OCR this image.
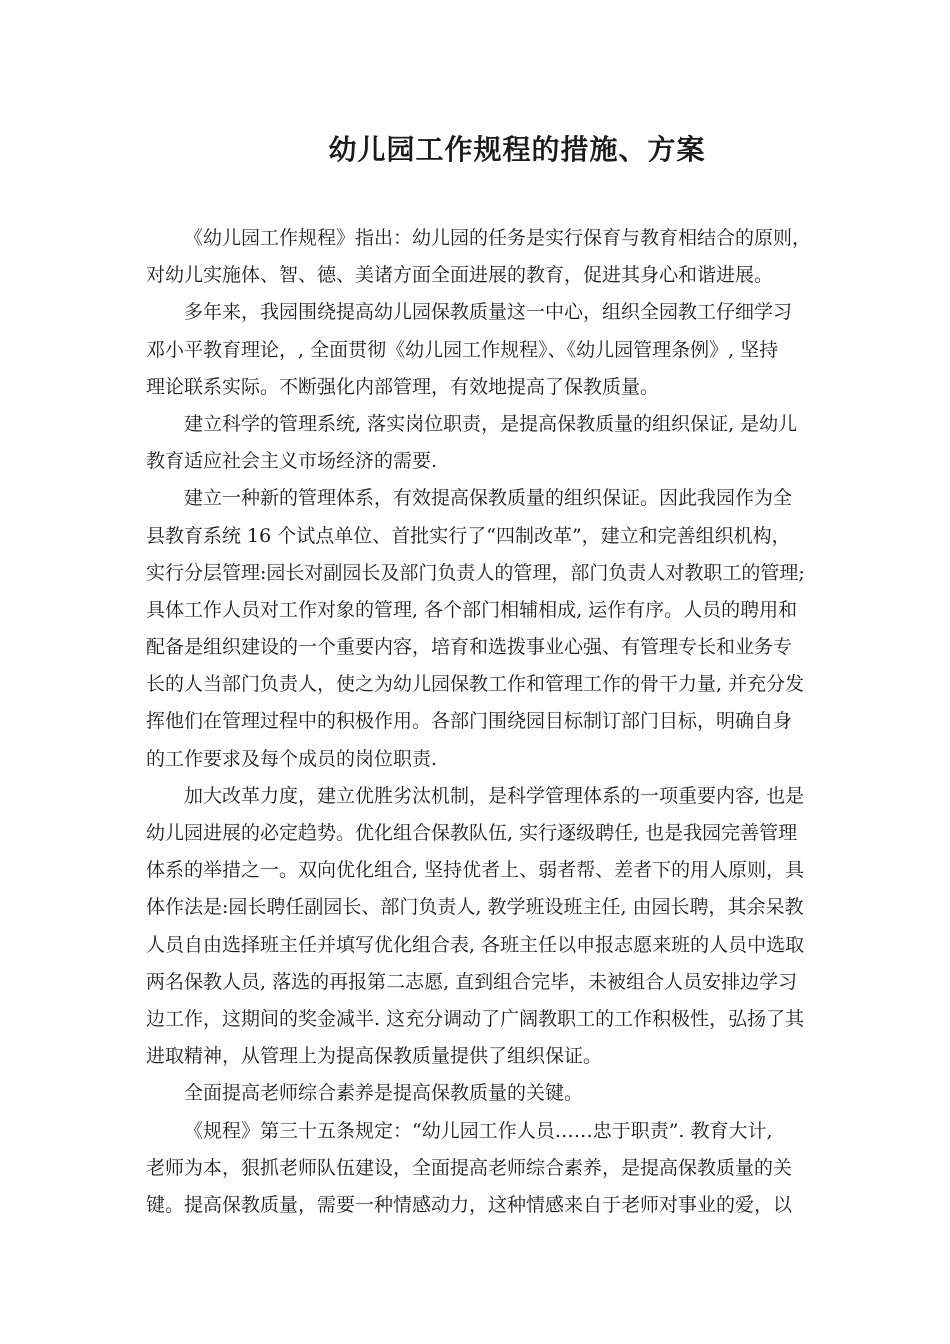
幼儿园工作规程的措施、方案
《幼儿园工作规程》指出：幼儿园的任务是实行保育与教育相结合的原则，
对幼儿实施体、智、德、美诸方面全面进展的教育，促进其身心和谐进展。
多年来，我园围绕提高幼儿园保教质量这一中心，组织全园教工仔细学习
邓小平教育理论，, 全面贯彻《幼儿园工作规程》、《幼儿园管理条例》, 坚持
理论联系实际。不断强化内部管理，有效地提高了保教质量。
建立科学的管理系统, 落实岗位职责，是提高保教质量的组织保证, 是幼儿
教育适应社会主义市场经济的需要.
建立一种新的管理体系，有效提高保教质量的组织保证。因此我园作为全
县教育系统 16 个试点单位、首批实行了“四制改革”，建立和完善组织机构，
实行分层管理:园长对副园长及部门负责人的管理，部门负责人对教职工的管理;
具体工作人员对工作对象的管理, 各个部门相辅相成, 运作有序。人员的聘用和
配备是组织建设的一个重要内容，培育和选拨事业心强、有管理专长和业务专
长的人当部门负责人，使之为幼儿园保教工作和管理工作的骨干力量, 并充分发
挥他们在管理过程中的积极作用。各部门围绕园目标制订部门目标，明确自身
的工作要求及每个成员的岗位职责.
加大改革力度，建立优胜劣汰机制，是科学管理体系的一项重要内容, 也是
幼儿园进展的必定趋势。优化组合保教队伍, 实行逐级聘任, 也是我园完善管理
体系的举措之一。双向优化组合, 坚持优者上、弱者帮、差者下的用人原则，具
体作法是:园长聘任副园长、部门负责人, 教学班设班主任, 由园长聘，其余呆教
人员自由选择班主任并填写优化组合表, 各班主任以申报志愿来班的人员中选取
两名保教人员, 落选的再报第二志愿, 直到组合完毕，未被组合人员安排边学习
边工作，这期间的奖金减半. 这充分调动了广阔教职工的工作积极性，弘扬了其
进取精神，从管理上为提高保教质量提供了组织保证。
全面提高老师综合素养是提高保教质量的关键。
《规程》第三十五条规定：“幼儿园工作人员……忠于职责”. 教育大计,
老师为本，狠抓老师队伍建设，全面提高老师综合素养，是提高保教质量的关
键。提高保教质量，需要一种情感动力，这种情感来自于老师对事业的爱，以
